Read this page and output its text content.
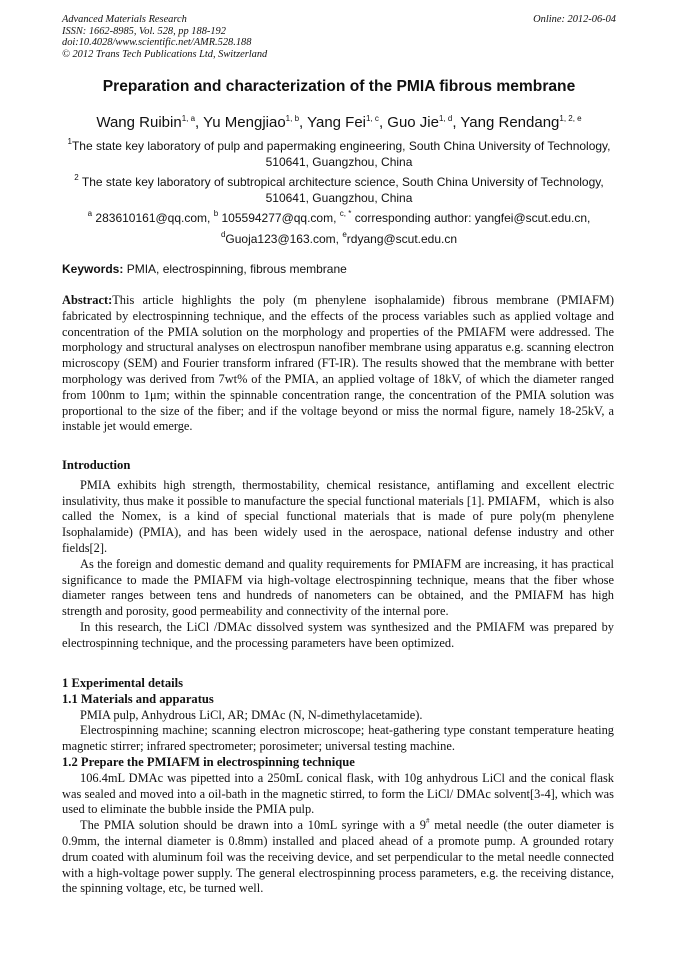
Advanced Materials Research
ISSN: 1662-8985, Vol. 528, pp 188-192
doi:10.4028/www.scientific.net/AMR.528.188
© 2012 Trans Tech Publications Ltd, Switzerland
Online: 2012-06-04
Preparation and characterization of the PMIA fibrous membrane
Wang Ruibin$^{1, a}$, Yu Mengjiao$^{1, b}$, Yang Fei$^{1, c}$, Guo Jie$^{1, d}$, Yang Rendang$^{1, 2, e}$
$^1$The state key laboratory of pulp and papermaking engineering, South China University of Technology, 510641, Guangzhou, China
$^2$ The state key laboratory of subtropical architecture science, South China University of Technology, 510641, Guangzhou, China
$^a$ 283610161@qq.com, $^b$ 105594277@qq.com, $^{c, *}$ corresponding author: yangfei@scut.edu.cn,
$^d$Guoja123@163.com, $^e$rdyang@scut.edu.cn
Keywords: PMIA, electrospinning, fibrous membrane

Abstract:This article highlights the poly (m phenylene isophalamide) fibrous membrane (PMIAFM) fabricated by electrospinning technique, and the effects of the process variables such as applied voltage and concentration of the PMIA solution on the morphology and properties of the PMIAFM were addressed. The morphology and structural analyses on electrospun nanofiber membrane using apparatus e.g. scanning electron microscopy (SEM) and Fourier transform infrared (FT-IR). The results showed that the membrane with better morphology was derived from 7wt% of the PMIA, an applied voltage of 18kV, of which the diameter ranged from 100nm to 1μm; within the spinnable concentration range, the concentration of the PMIA solution was proportional to the size of the fiber; and if the voltage beyond or miss the normal figure, namely 18-25kV, a instable jet would emerge.

Introduction

PMIA exhibits high strength, thermostability, chemical resistance, antiflaming and excellent electric insulativity, thus make it possible to manufacture the special functional materials [1]. PMIAFM，which is also called the Nomex, is a kind of special functional materials that is made of pure poly(m phenylene Isophalamide) (PMIA), and has been widely used in the aerospace, national defense industry and other fields[2].

As the foreign and domestic demand and quality requirements for PMIAFM are increasing, it has practical significance to made the PMIAFM via high-voltage electrospinning technique, means that the fiber whose diameter ranges between tens and hundreds of nanometers can be obtained, and the PMIAFM has high strength and porosity, good permeability and connectivity of the internal pore.

In this research, the LiCl /DMAc dissolved system was synthesized and the PMIAFM was prepared by electrospinning technique, and the processing parameters have been optimized.

1 Experimental details

1.1 Materials and apparatus

PMIA pulp, Anhydrous LiCl, AR; DMAc (N, N-dimethylacetamide).

Electrospinning machine; scanning electron microscope; heat-gathering type constant temperature heating magnetic stirrer; infrared spectrometer; porosimeter; universal testing machine.

1.2 Prepare the PMIAFM in electrospinning technique

106.4mL DMAc was pipetted into a 250mL conical flask, with 10g anhydrous LiCl and the conical flask was sealed and moved into a oil-bath in the magnetic stirred, to form the LiCl/ DMAc solvent[3-4], which was used to eliminate the bubble inside the PMIA pulp.

The PMIA solution should be drawn into a 10mL syringe with a 9# metal needle (the outer diameter is 0.9mm, the internal diameter is 0.8mm) installed and placed ahead of a promote pump. A grounded rotary drum coated with aluminum foil was the receiving device, and set perpendicular to the metal needle connected with a high-voltage power supply. The general electrospinning process parameters, e.g. the receiving distance, the spinning voltage, etc, be turned well.
